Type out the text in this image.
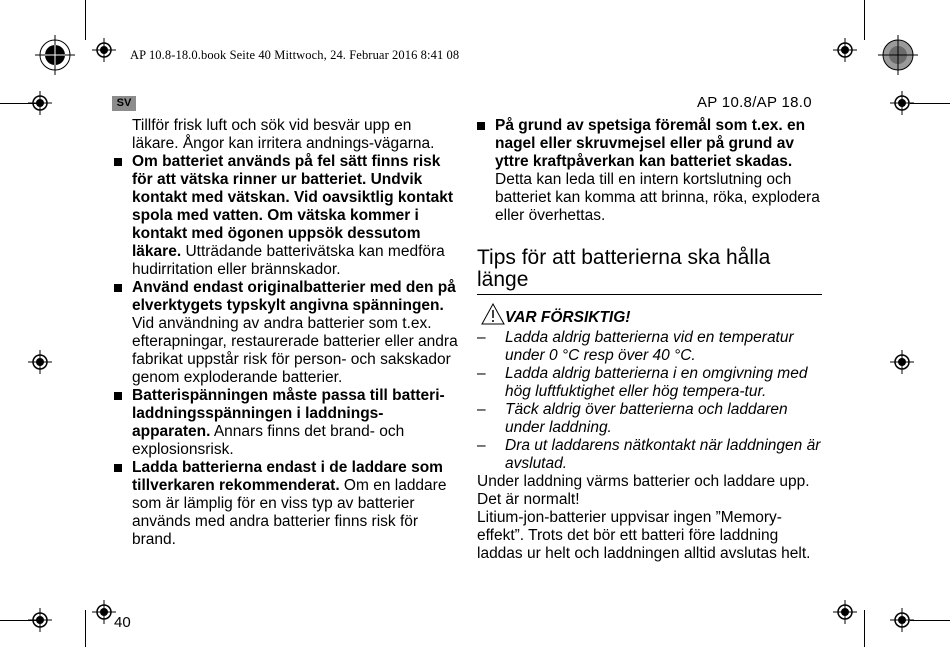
AP 10.8-18.0.book Seite 40 Mittwoch, 24. Februar 2016 8:41 08
SV	AP 10.8/AP 18.0

Tillför frisk luft och sök vid besvär upp en läkare. Ångor kan irritera andnings-vägarna.

Om batteriet används på fel sätt finns risk för att vätska rinner ur batteriet. Undvik kontakt med vätskan. Vid oavsiktlig kontakt spola med vatten. Om vätska kommer i kontakt med ögonen uppsök dessutom läkare. Utträdande batterivätska kan medföra hudirritation eller brännskador.
Använd endast originalbatterier med den på elverktygets typskylt angivna spänningen. Vid användning av andra batterier som t.ex. efterapningar, restaurerade batterier eller andra fabrikat uppstår risk för person- och sakskador genom exploderande batterier.
Batterispänningen måste passa till batteri-laddningsspänningen i laddnings-apparaten. Annars finns det brand- och explosionsrisk.
Ladda batterierna endast i de laddare som tillverkaren rekommenderat. Om en laddare som är lämplig för en viss typ av batterier används med andra batterier finns risk för brand.
På grund av spetsiga föremål som t.ex. en nagel eller skruvmejsel eller på grund av yttre kraftpåverkan kan batteriet skadas. Detta kan leda till en intern kortslutning och batteriet kan komma att brinna, röka, explodera eller överhettas.
Tips för att batterierna ska hålla länge
VAR FÖRSIKTIG!
– Ladda aldrig batterierna vid en temperatur under 0 °C resp över 40 °C.
– Ladda aldrig batterierna i en omgivning med hög luftfuktighet eller hög tempera-tur.
– Täck aldrig över batterierna och laddaren under laddning.
– Dra ut laddarens nätkontakt när laddningen är avslutad.

Under laddning värms batterier och laddare upp. Det är normalt!

Litium-jon-batterier uppvisar ingen ”Memory-effekt”. Trots det bör ett batteri före laddning laddas ur helt och laddningen alltid avslutas helt.

40
